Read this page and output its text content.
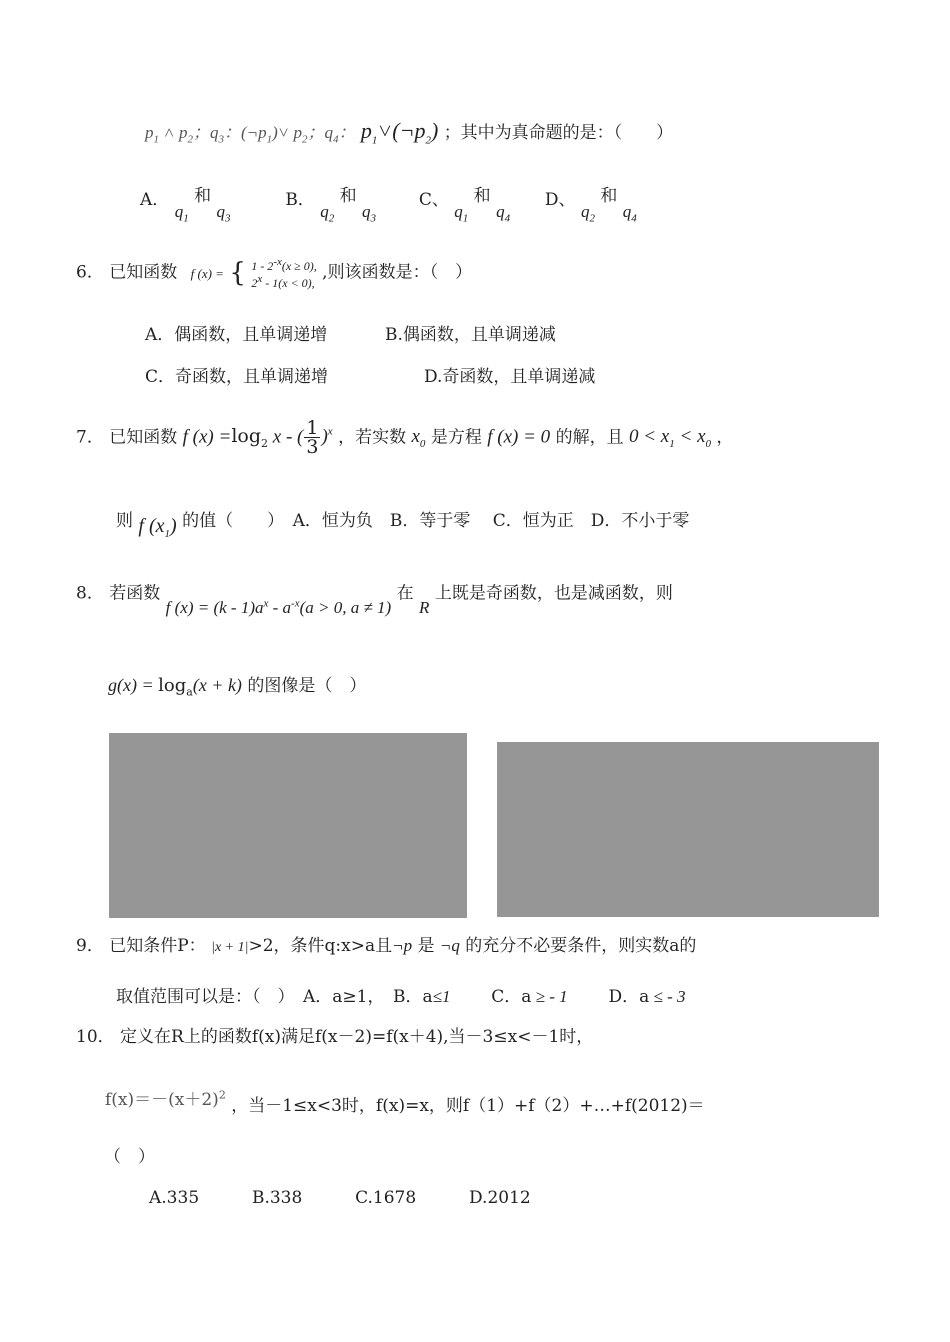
$p_1$ ˄ $p_2$；$q_3$：$(\neg p_1)˅$ $p_2$；$q_4$： $p_1˅(\neg p_2)$ ；其中为真命题的是：（　　）
A． $q_1$ 和 $q_3$  B． $q_2$ 和 $q_3$  C、 $q_1$ 和 $q_4$  D、 $q_2$ 和 $q_4$
6． 已知函数 f (x) = { $1 - 2^{-x}(x \ge 0)$,
2$^x$ - 1(x < 0), ,则该函数是：（　）
A．偶函数，且单调递增	B.偶函数，且单调递减
C．奇函数，且单调递增	D.奇函数，且单调递减
7． 已知函数 f $(x) =\log_2$ x - ( $\frac{1}{3} )^x$ ，若实数 $x_0$ 是方程 f (x) = 0 的解，且 $0 < x_1 < x_0$ ，
则 f $(x_1)$ 的值（　　）　A．恒为负　B．等于零　 C．恒为正　D．不小于零
8． 若函数 f $(x) = (k - 1)a^x - a^{-x}(a > 0$, a ≠ 1) 在 R 上既是奇函数，也是减函数，则
$g(x) = \log_a(x + k)$ 的图像是（　）
9． 已知条件P： |x + 1|>2，条件q:x>a且¬p 是 ¬q 的充分不必要条件，则实数a的
取值范围可以是：（　）　A．a≥1，　B．a≤1 C．a ≥ - 1 D．a ≤ - 3
10． 定义在R上的函数f(x)满足f(x－2)=f(x＋4),当－3≤x<－1时，
$f(x)=-(x+2)^2$ ，当－1≤x<3时，f(x)=x，则f（1）+f（2）+…+f(2012)＝
（　）
A.335	B.338	C.1678	D.2012
